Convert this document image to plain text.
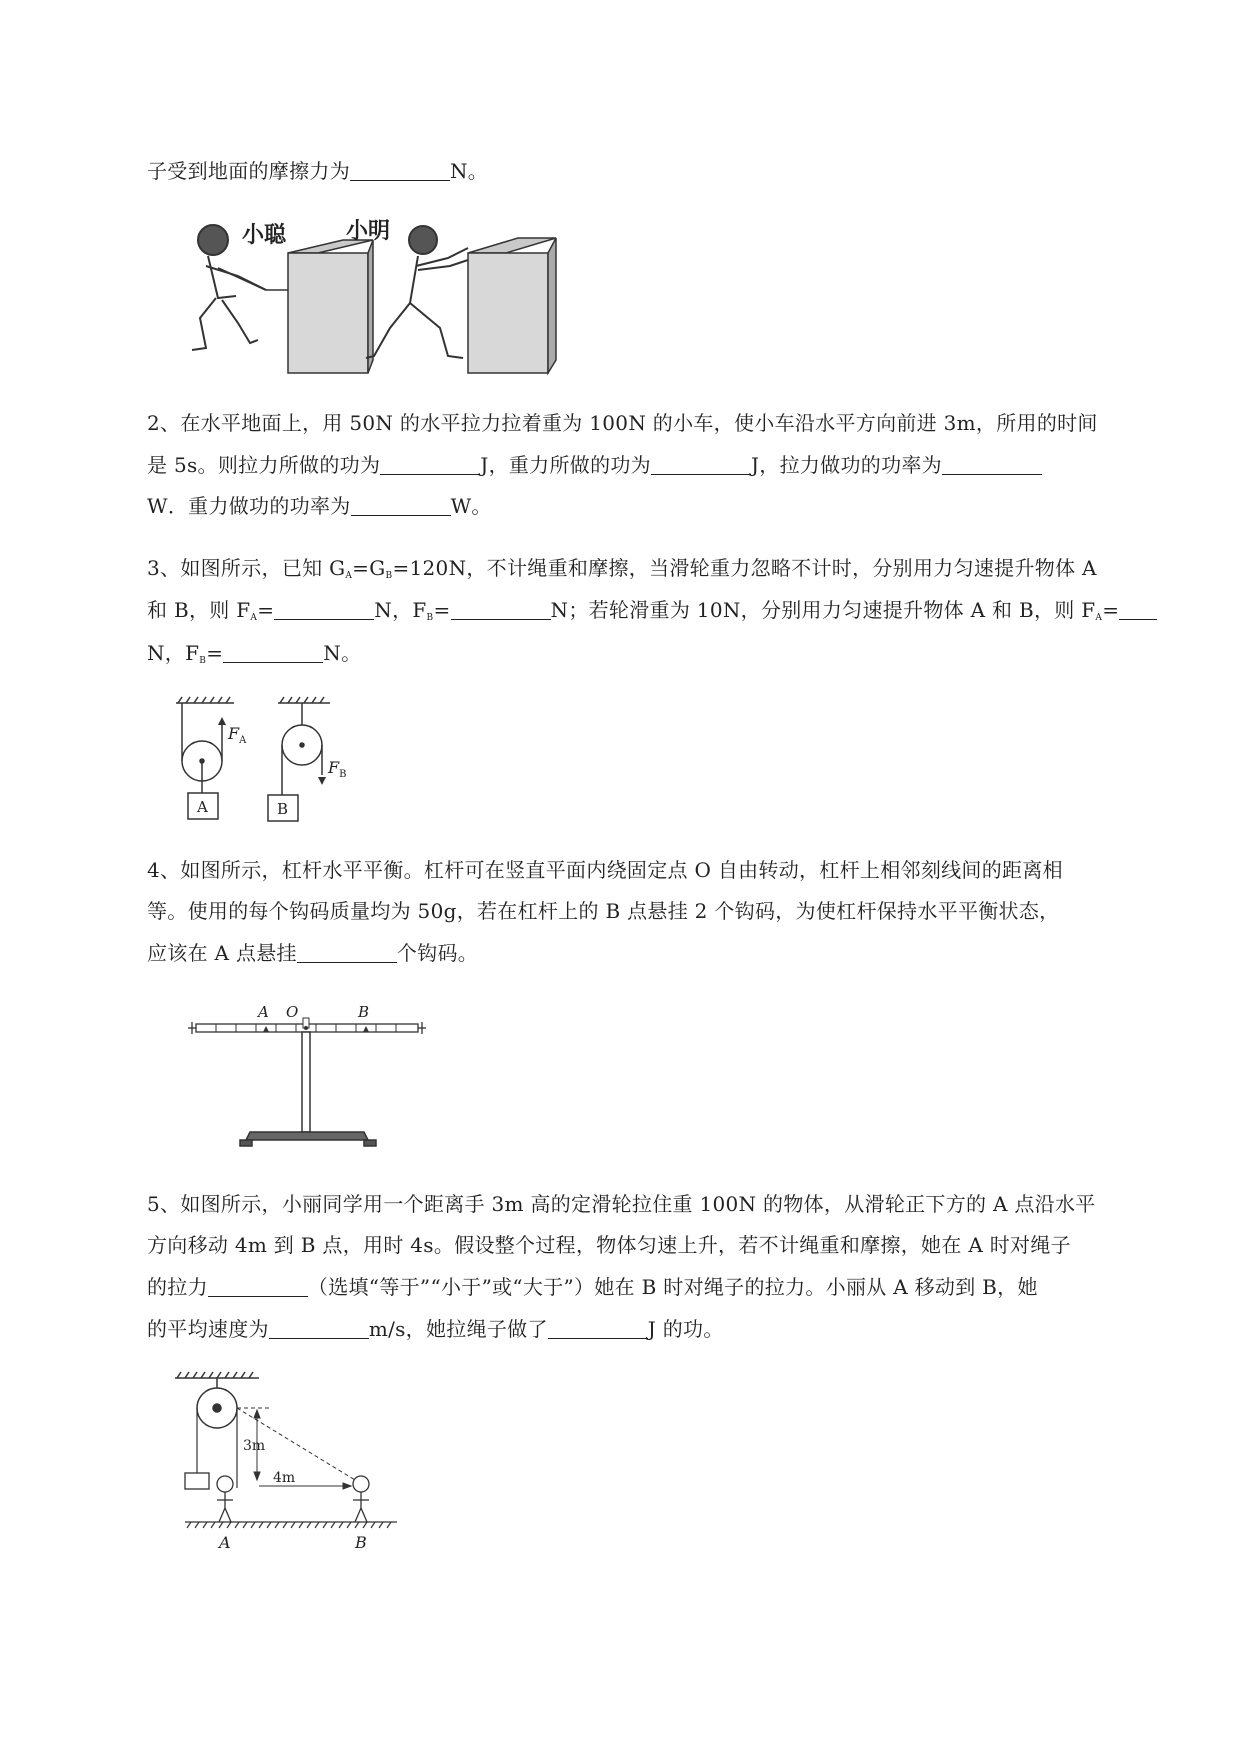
子受到地面的摩擦力为	N。
小聪	小明
2、在水平地面上，用 50N 的水平拉力拉着重为 100N 的小车，使小车沿水平方向前进 3m，所用的时间
是 5s。则拉力所做的功为	J，重力所做的功为	J，拉力做功的功率为
W．重力做功的功率为	W。
3、如图所示，已知 $G_A=G_B=120N$，不计绳重和摩擦，当滑轮重力忽略不计时，分别用力匀速提升物体 A
和 B，则 $F_A=$	N，$F_B=$	N；若轮滑重为 10N，分别用力匀速提升物体 A 和 B，则 $F_A=$
N，$F_B=$	N。
A
$F_A$
B
$F_B$
4、如图所示，杠杆水平平衡。杠杆可在竖直平面内绕固定点 O 自由转动，杠杆上相邻刻线间的距离相
等。使用的每个钩码质量均为 50g，若在杠杆上的 B 点悬挂 2 个钩码，为使杠杆保持水平平衡状态，
应该在 A 点悬挂	个钩码。
A O	B
5、如图所示，小丽同学用一个距离手 3m 高的定滑轮拉住重 100N 的物体，从滑轮正下方的 A 点沿水平
方向移动 4m 到 B 点，用时 4s。假设整个过程，物体匀速上升，若不计绳重和摩擦，她在 A 时对绳子
的拉力	（选填“等于”“小于”或“大于”）她在 B 时对绳子的拉力。小丽从 A 移动到 B，她
的平均速度为	m/s，她拉绳子做了	J 的功。
3m
4m
A	B
